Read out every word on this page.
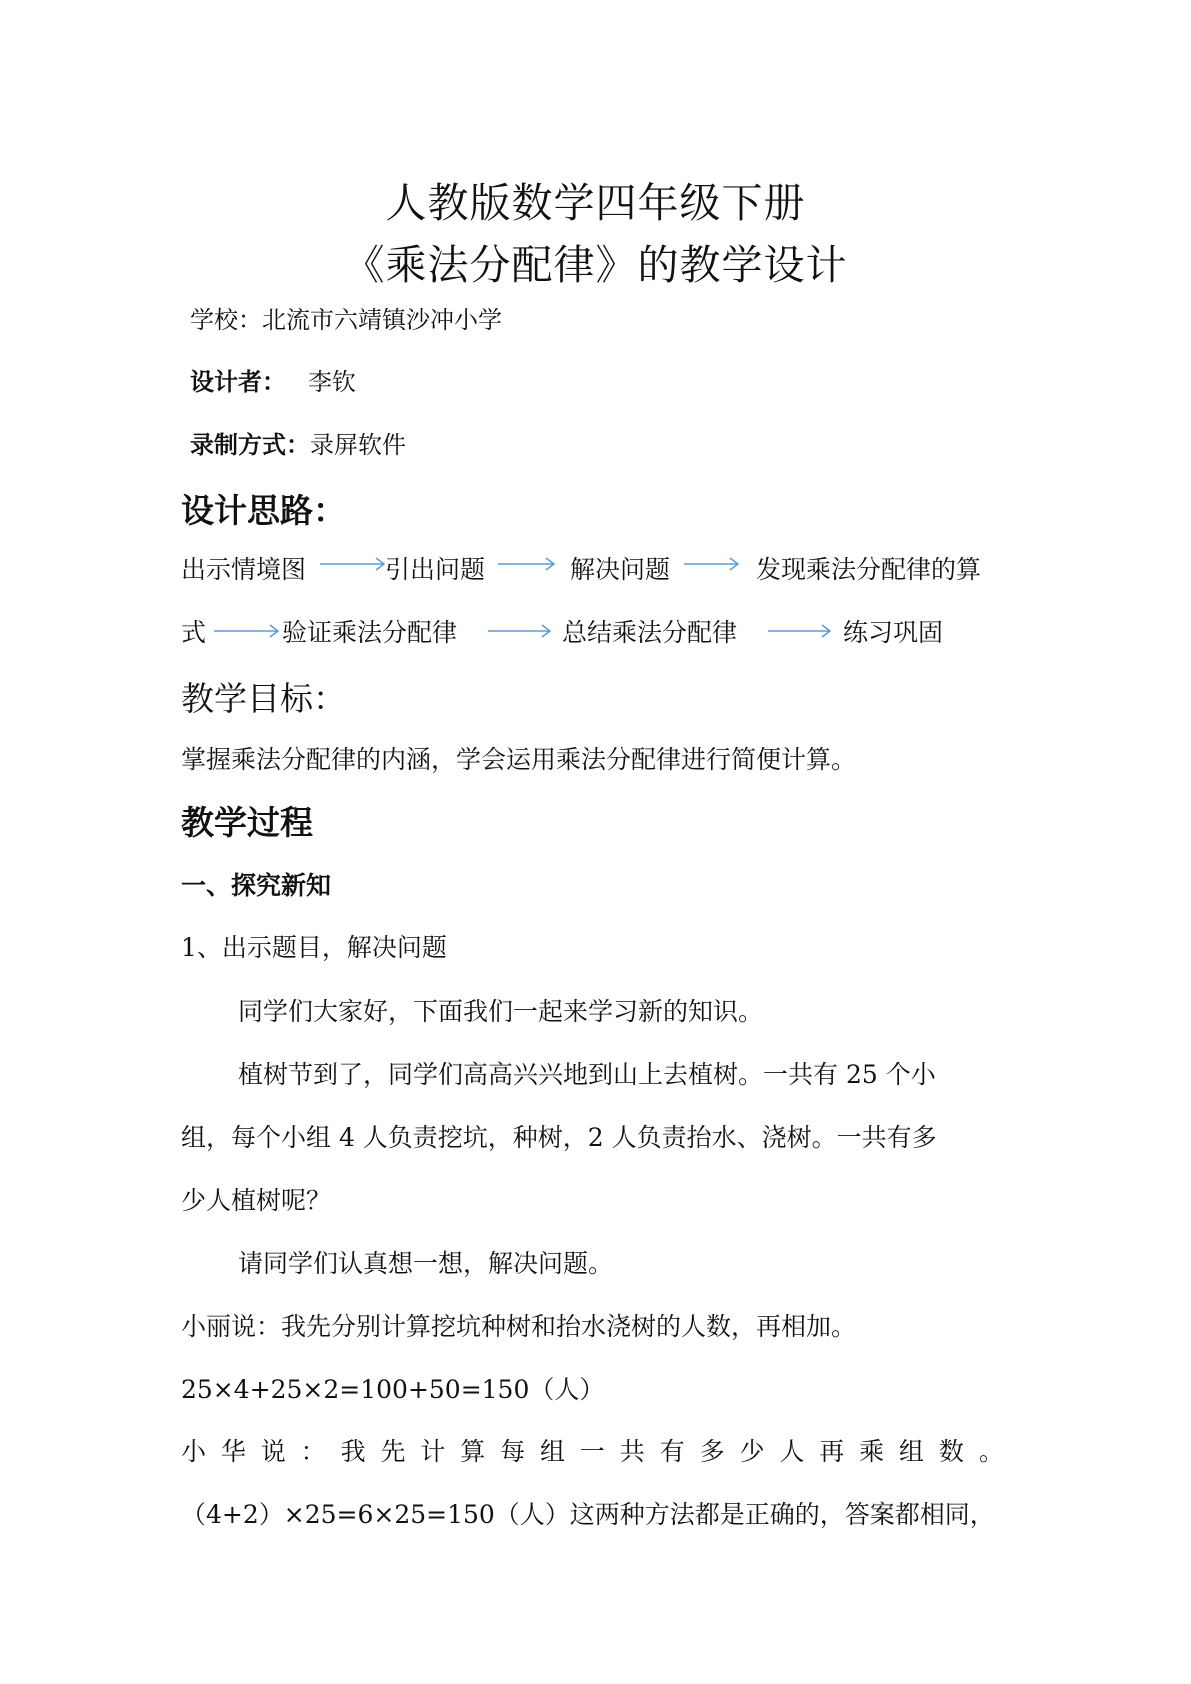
人教版数学四年级下册
《乘法分配律》的教学设计
学校：北流市六靖镇沙冲小学
设计者： 李钦
录制方式：录屏软件
设计思路：
出示情境图	引出问题	解决问题	发现乘法分配律的算
式	验证乘法分配律	总结乘法分配律	练习巩固
教学目标：
掌握乘法分配律的内涵，学会运用乘法分配律进行简便计算。
教学过程
一、探究新知
1、出示题目，解决问题
同学们大家好，下面我们一起来学习新的知识。
植树节到了，同学们高高兴兴地到山上去植树。一共有 25 个小
组，每个小组 4 人负责挖坑，种树，2 人负责抬水、浇树。一共有多
少人植树呢？
请同学们认真想一想，解决问题。
小丽说：我先分别计算挖坑种树和抬水浇树的人数，再相加。
25×4+25×2=100+50=150（人）
小 华 说 ： 我 先 计 算 每 组 一 共 有 多 少 人 再 乘 组 数 。
（4+2）×25=6×25=150（人）这两种方法都是正确的，答案都相同，
